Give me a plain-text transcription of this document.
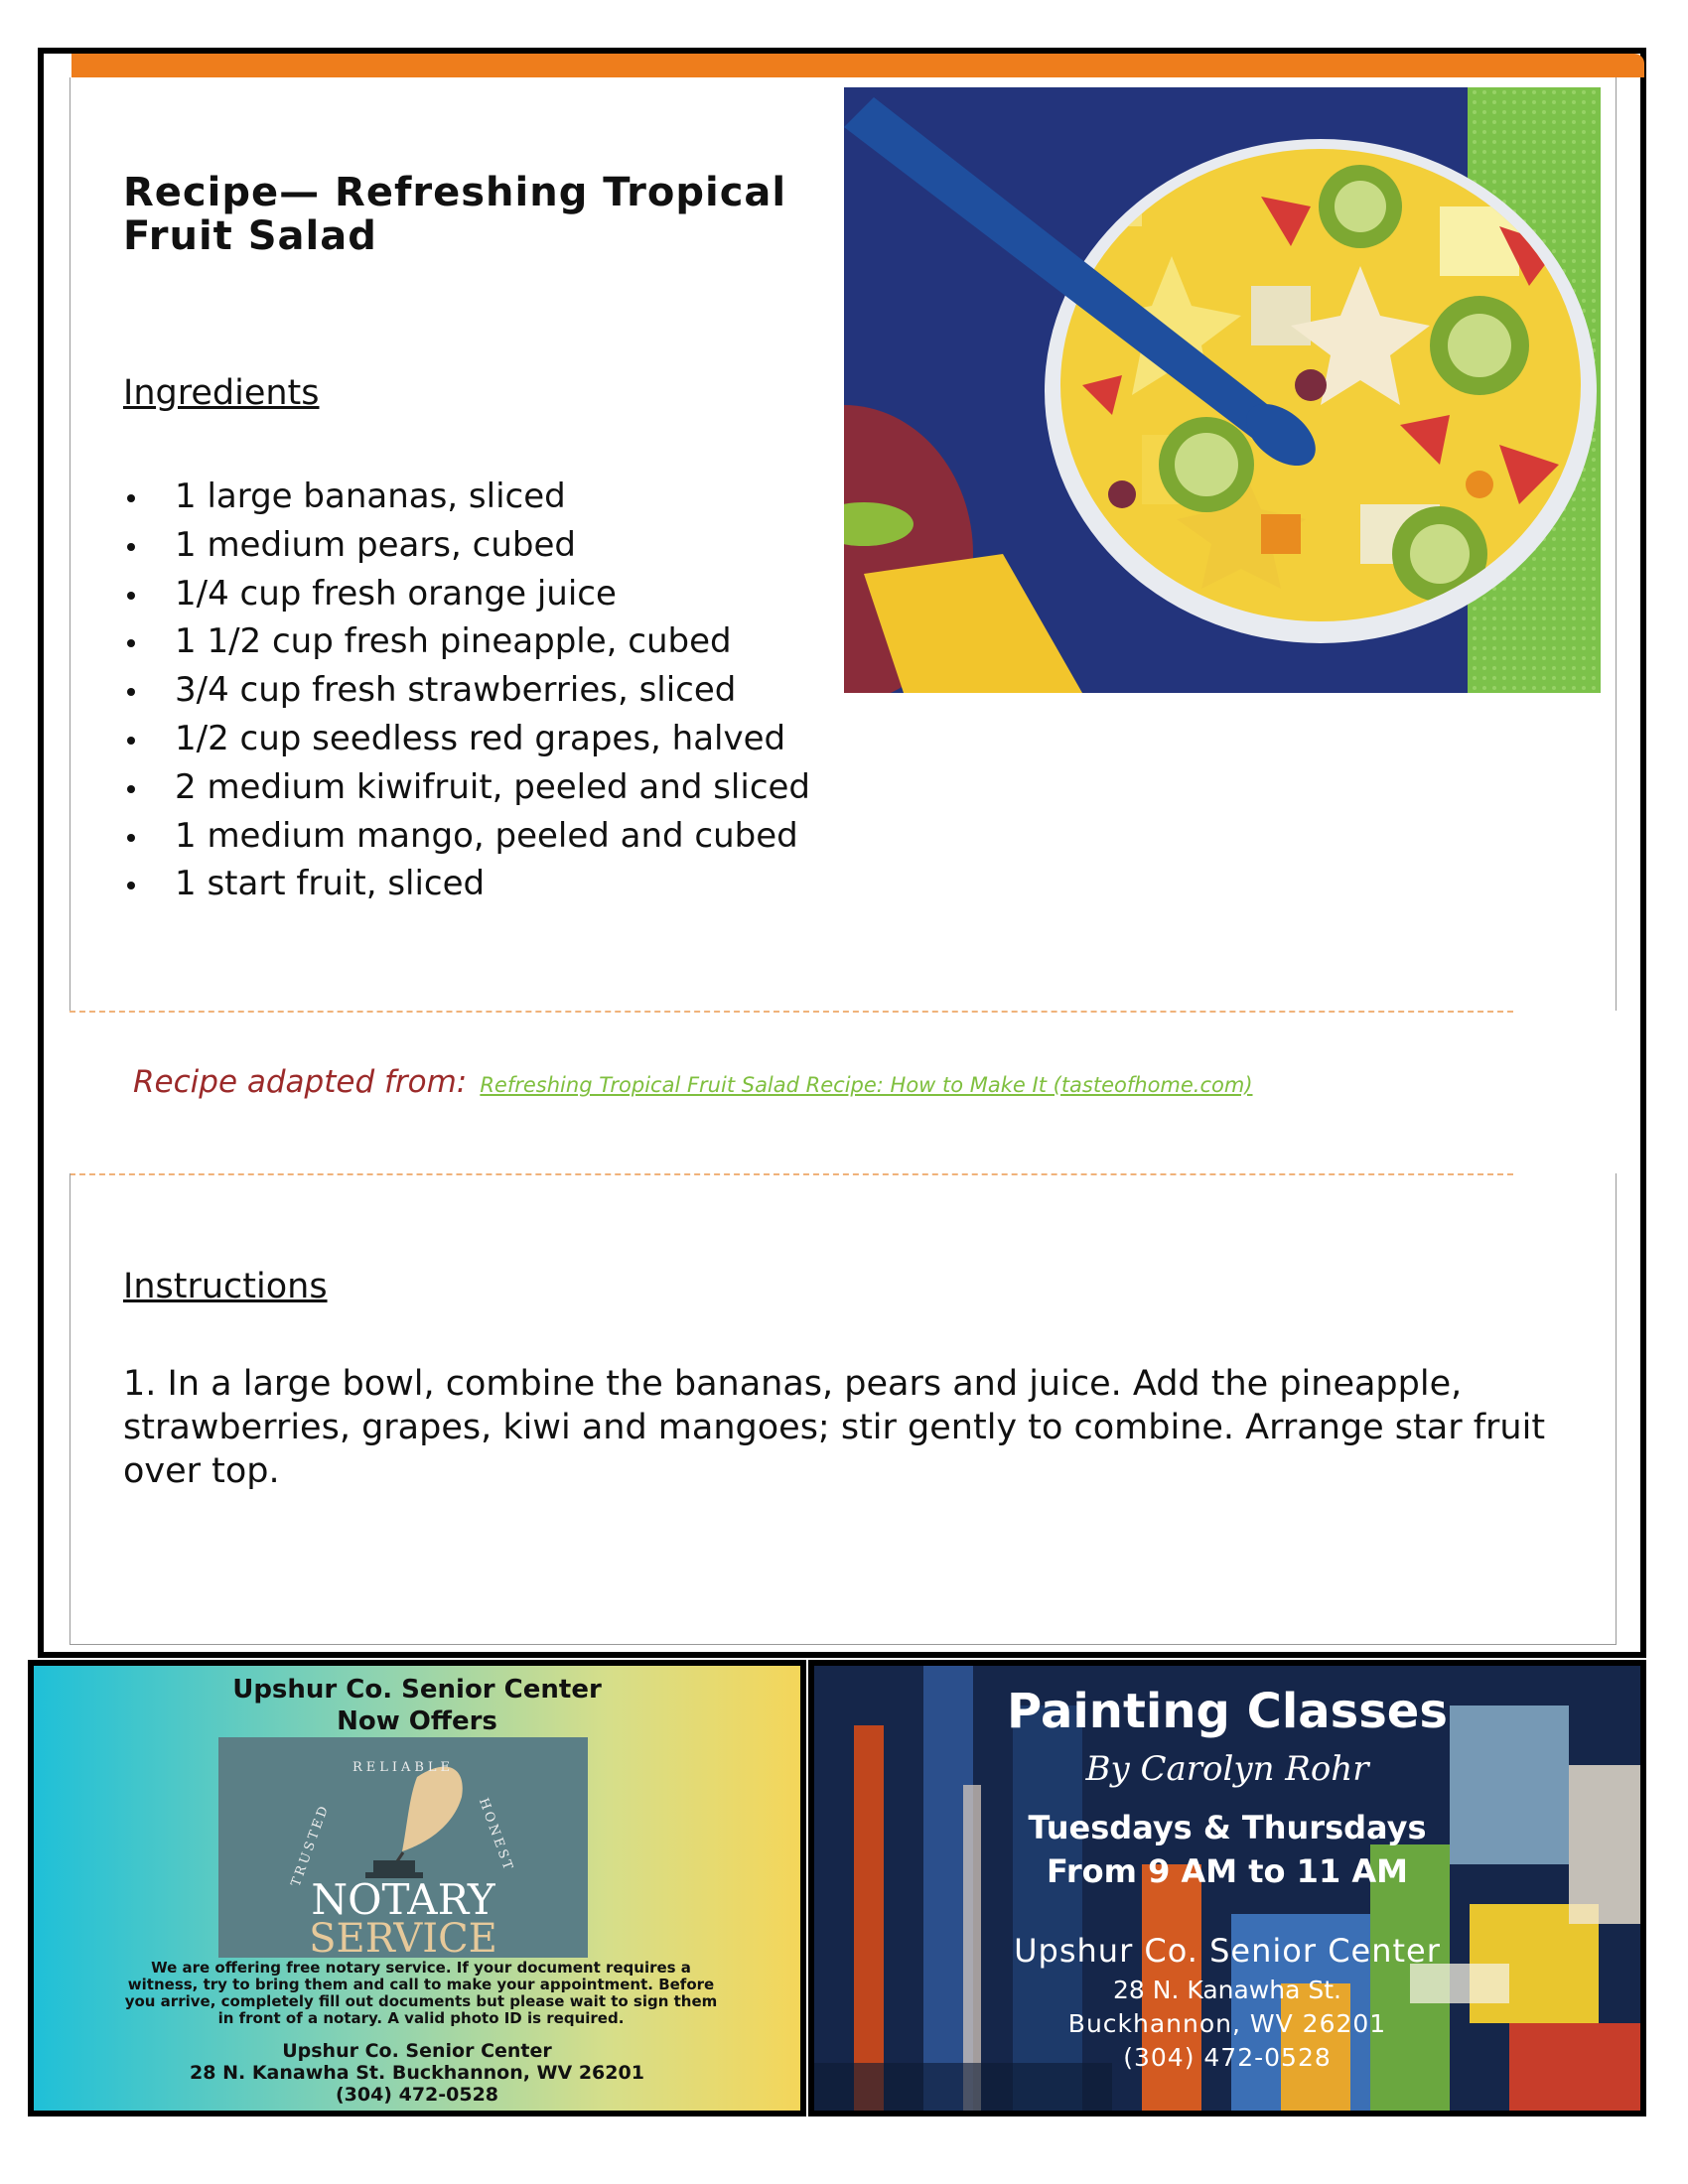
Recipe— Refreshing Tropical Fruit Salad
Ingredients
1 large bananas, sliced
1 medium pears, cubed
1/4 cup fresh orange juice
1 1/2 cup fresh pineapple, cubed
3/4 cup fresh strawberries, sliced
1/2 cup seedless red grapes, halved
2 medium kiwifruit, peeled and sliced
1 medium mango, peeled and cubed
1 start fruit, sliced
Recipe adapted from: Refreshing Tropical Fruit Salad Recipe: How to Make It (tasteofhome.com)
Instructions

1. In a large bowl, combine the bananas, pears and juice. Add the pineapple, strawberries, grapes, kiwi and mangoes; stir gently to combine. Arrange star fruit over top.

Upshur Co. Senior Center
Now Offers
RELIABLE
TRUSTED	HONEST
NOTARY
SERVICE
We are offering free notary service. If your document requires a witness, try to bring them and call to make your appointment. Before you arrive, completely fill out documents but please wait to sign them in front of a notary. A valid photo ID is required.
Upshur Co. Senior Center
28 N. Kanawha St. Buckhannon, WV 26201
(304) 472-0528
Painting Classes
By Carolyn Rohr
Tuesdays & Thursdays
From 9 AM to 11 AM
Upshur Co. Senior Center
28 N. Kanawha St.
Buckhannon, WV 26201
(304) 472-0528
